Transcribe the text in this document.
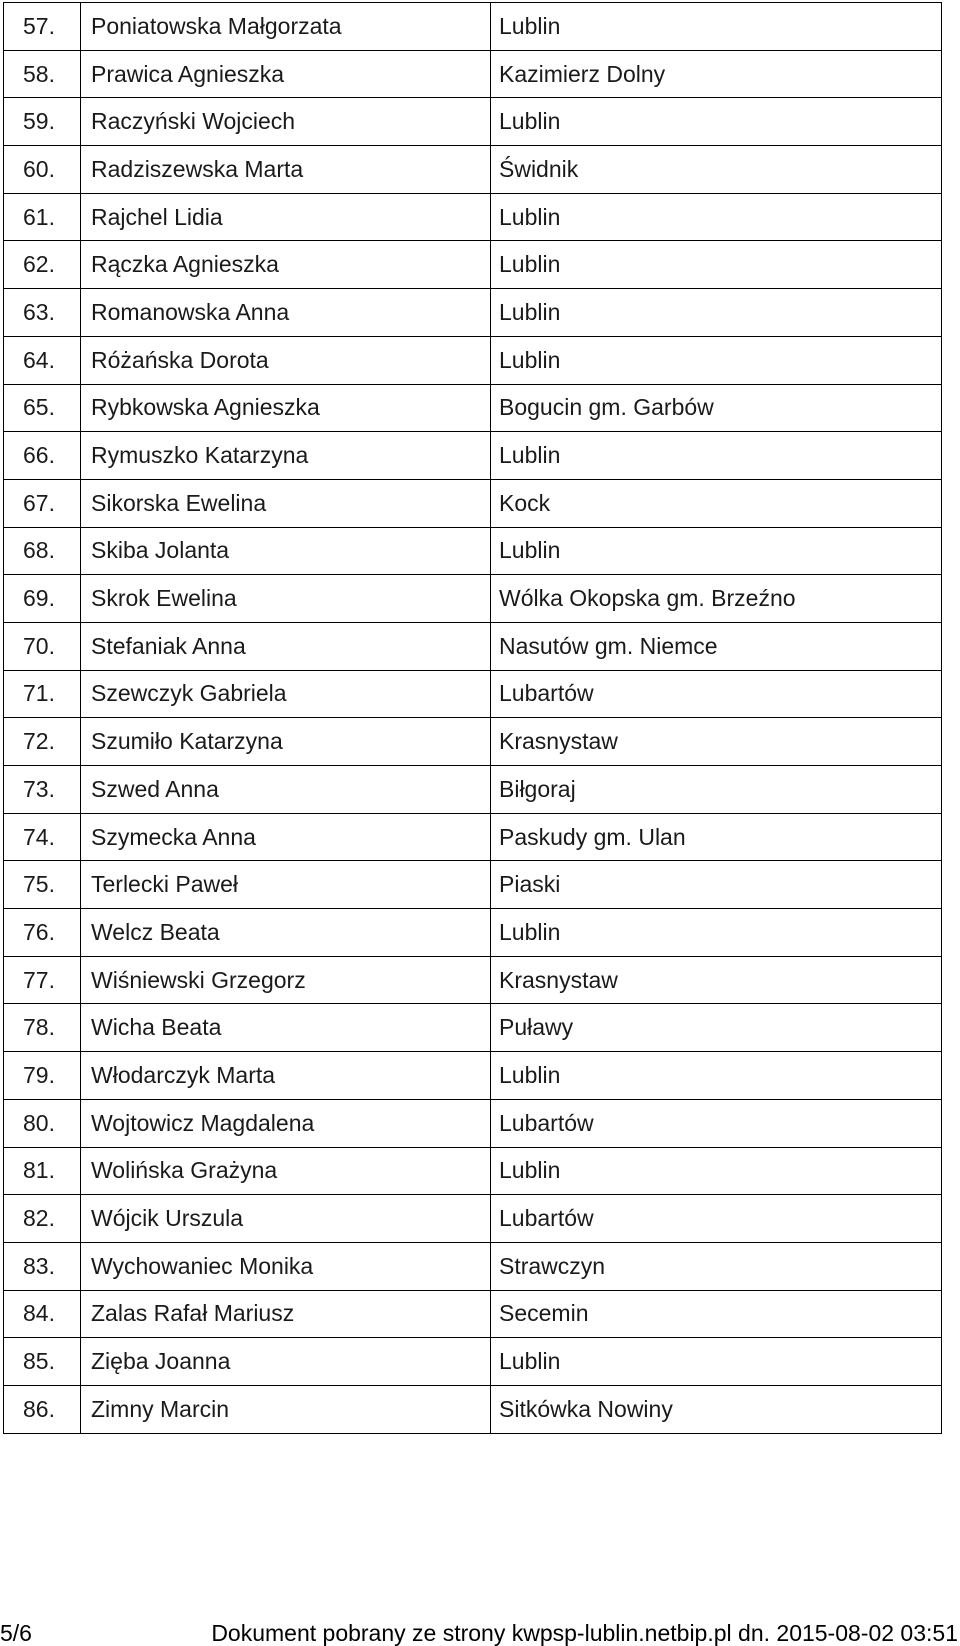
57.	Poniatowska Małgorzata	Lublin
58.	Prawica Agnieszka	Kazimierz Dolny
59.	Raczyński Wojciech	Lublin
60.	Radziszewska Marta	Świdnik
61.	Rajchel Lidia	Lublin
62.	Rączka Agnieszka	Lublin
63.	Romanowska Anna	Lublin
64.	Różańska Dorota	Lublin
65.	Rybkowska Agnieszka	Bogucin gm. Garbów
66.	Rymuszko Katarzyna	Lublin
67.	Sikorska Ewelina	Kock
68.	Skiba Jolanta	Lublin
69.	Skrok Ewelina	Wólka Okopska gm. Brzeźno
70.	Stefaniak Anna	Nasutów gm. Niemce
71.	Szewczyk Gabriela	Lubartów
72.	Szumiło Katarzyna	Krasnystaw
73.	Szwed Anna	Biłgoraj
74.	Szymecka Anna	Paskudy gm. Ulan
75.	Terlecki Paweł	Piaski
76.	Welcz Beata	Lublin
77.	Wiśniewski Grzegorz	Krasnystaw
78.	Wicha Beata	Puławy
79.	Włodarczyk Marta	Lublin
80.	Wojtowicz Magdalena	Lubartów
81.	Wolińska Grażyna	Lublin
82.	Wójcik Urszula	Lubartów
83.	Wychowaniec Monika	Strawczyn
84.	Zalas Rafał Mariusz	Secemin
85.	Zięba Joanna	Lublin
86.	Zimny Marcin	Sitkówka Nowiny
5/6	Dokument pobrany ze strony kwpsp-lublin.netbip.pl dn. 2015-08-02 03:51
